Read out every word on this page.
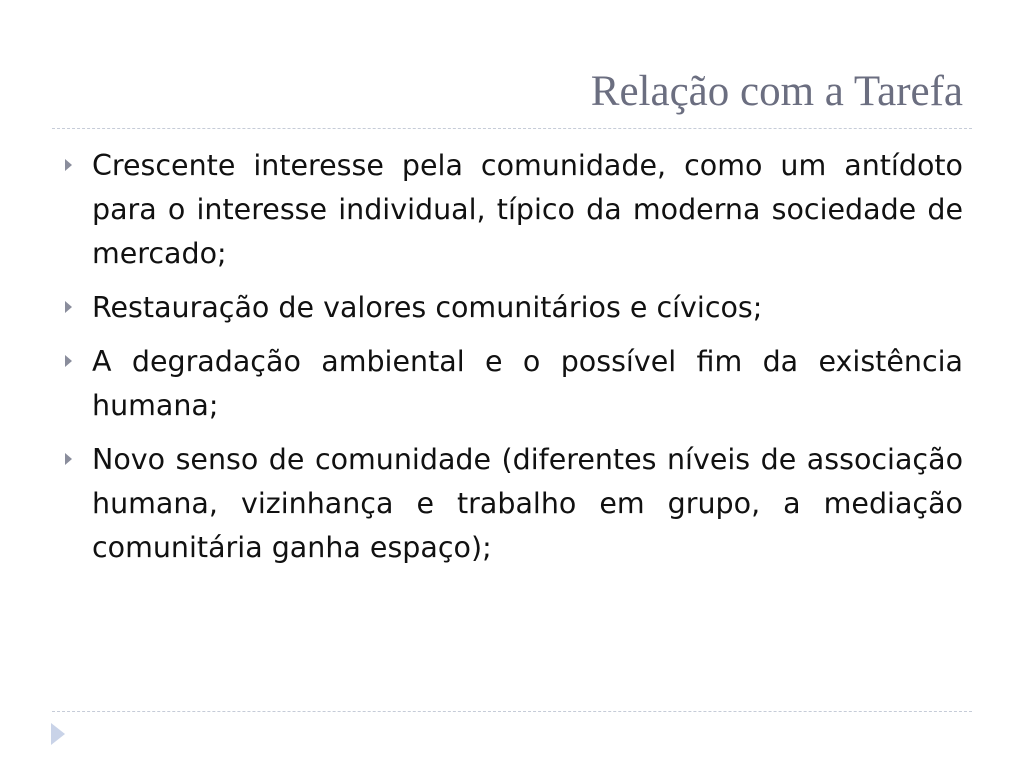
Relação com a Tarefa
Crescente interesse pela comunidade, como um antídoto para o interesse individual, típico da moderna sociedade de mercado;
Restauração de valores comunitários e cívicos;
A degradação ambiental e o possível fim da existência humana;
Novo senso de comunidade (diferentes níveis de associação humana, vizinhança e trabalho em grupo, a mediação comunitária ganha espaço);
